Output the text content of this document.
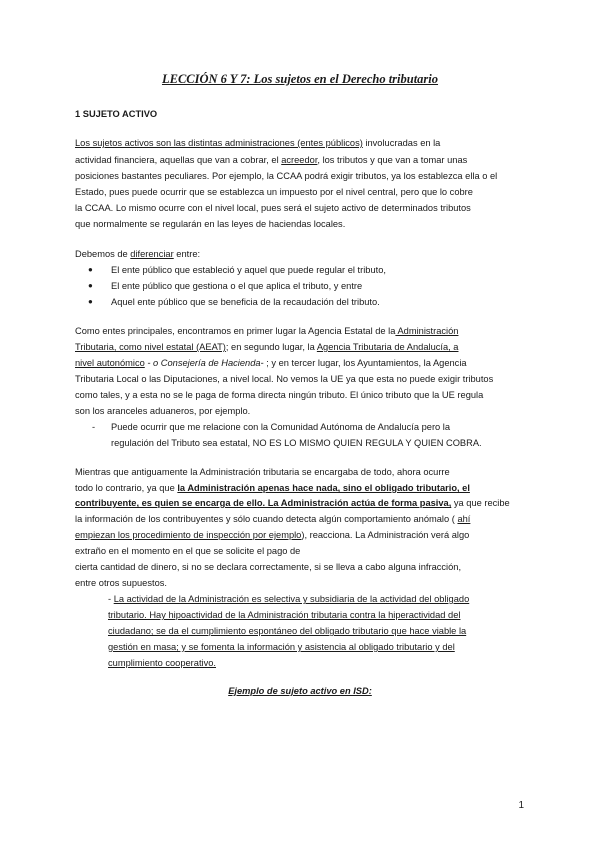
LECCIÓN 6 Y 7: Los sujetos en el Derecho tributario
1 SUJETO ACTIVO
Los sujetos activos son las distintas administraciones (entes públicos) involucradas en la
actividad financiera, aquellas que van a cobrar, el acreedor, los tributos y que van a tomar unas
posiciones bastantes peculiares. Por ejemplo, la CCAA podrá exigir tributos, ya los establezca ella o el
Estado, pues puede ocurrir que se establezca un impuesto por el nivel central, pero que lo cobre
la CCAA. Lo mismo ocurre con el nivel local, pues será el sujeto activo de determinados tributos
que normalmente se regularán en las leyes de haciendas locales.
Debemos de diferenciar entre:
● El ente público que estableció y aquel que puede regular el tributo,
● El ente público que gestiona o el que aplica el tributo, y entre
● Aquel ente público que se beneficia de la recaudación del tributo.
Como entes principales, encontramos en primer lugar la Agencia Estatal de la Administración
Tributaria, como nivel estatal (AEAT); en segundo lugar, la Agencia Tributaria de Andalucía, a
nivel autonómico - o Consejería de Hacienda- ; y en tercer lugar, los Ayuntamientos, la Agencia
Tributaria Local o las Diputaciones, a nivel local. No vemos la UE ya que esta no puede exigir tributos
como tales, y a esta no se le paga de forma directa ningún tributo. El único tributo que la UE regula
son los aranceles aduaneros, por ejemplo.
- Puede ocurrir que me relacione con la Comunidad Autónoma de Andalucía pero la
regulación del Tributo sea estatal, NO ES LO MISMO QUIEN REGULA Y QUIEN COBRA.
Mientras que antiguamente la Administración tributaria se encargaba de todo, ahora ocurre
todo lo contrario, ya que la Administración apenas hace nada, sino el obligado tributario, el
contribuyente, es quien se encarga de ello. La Administración actúa de forma pasiva, ya que recibe
la información de los contribuyentes y sólo cuando detecta algún comportamiento anómalo ( ahí
empiezan los procedimiento de inspección por ejemplo), reacciona. La Administración verá algo
extraño en el momento en el que se solicite el pago de
cierta cantidad de dinero, si no se declara correctamente, si se lleva a cabo alguna infracción,
entre otros supuestos.
- La actividad de la Administración es selectiva y subsidiaria de la actividad del obligado
tributario. Hay hipoactividad de la Administración tributaria contra la hiperactividad del
ciudadano; se da el cumplimiento espontáneo del obligado tributario que hace viable la
gestión en masa; y se fomenta la información y asistencia al obligado tributario y del
cumplimiento cooperativo.
Ejemplo de sujeto activo en ISD:
1
